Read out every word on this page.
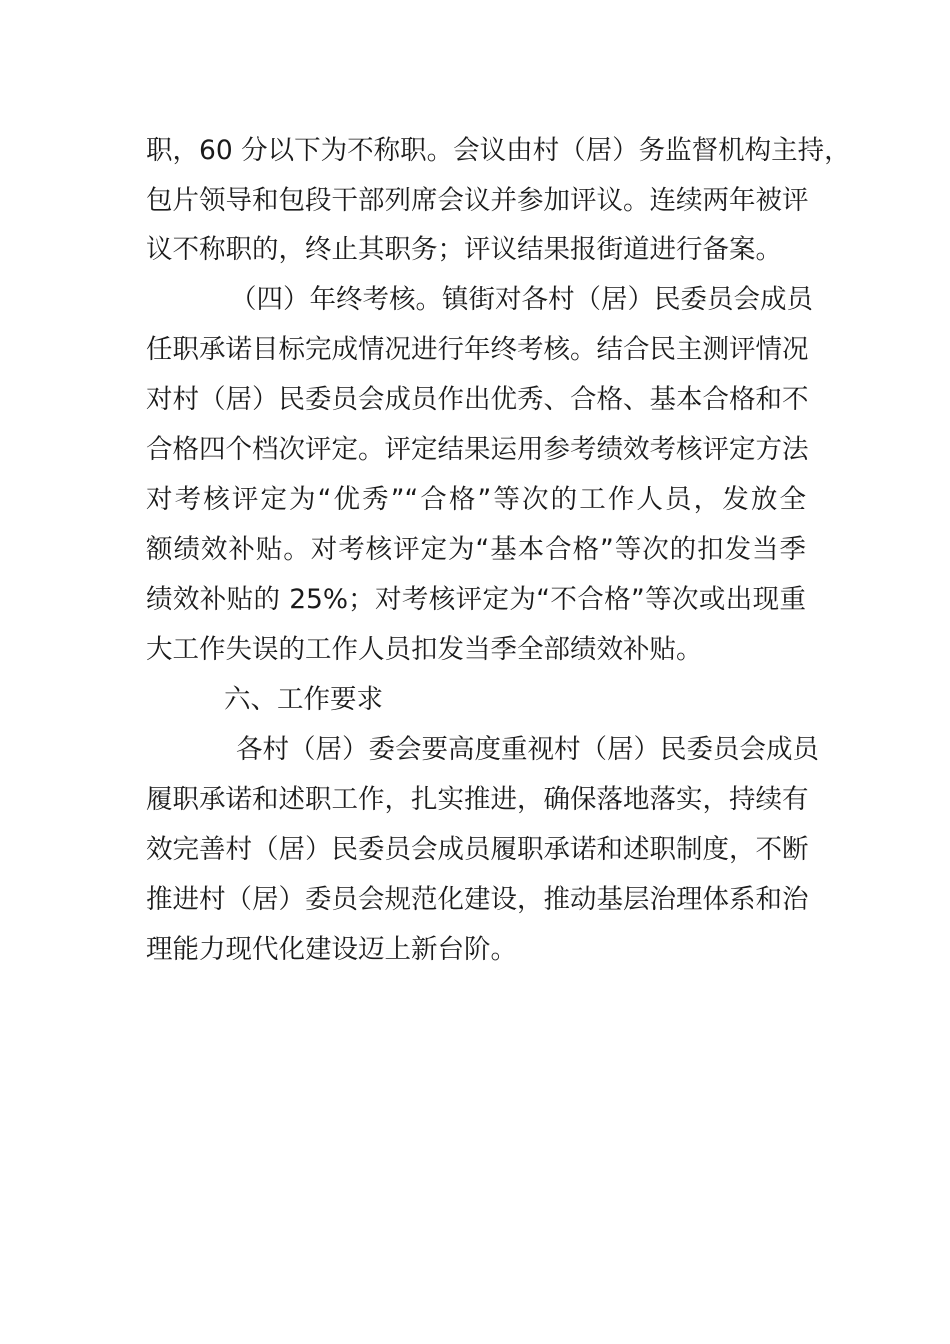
职，60 分以下为不称职。会议由村（居）务监督机构主持，
包片领导和包段干部列席会议并参加评议。连续两年被评
议不称职的，终止其职务；评议结果报街道进行备案。
（四）年终考核。镇街对各村（居）民委员会成员
任职承诺目标完成情况进行年终考核。结合民主测评情况
对村（居）民委员会成员作出优秀、合格、基本合格和不
合格四个档次评定。评定结果运用参考绩效考核评定方法
对考核评定为“优秀”“合格”等次的工作人员，发放全
额绩效补贴。对考核评定为“基本合格”等次的扣发当季
绩效补贴的 25%；对考核评定为“不合格”等次或出现重
大工作失误的工作人员扣发当季全部绩效补贴。
六、工作要求
各村（居）委会要高度重视村（居）民委员会成员
履职承诺和述职工作，扎实推进，确保落地落实，持续有
效完善村（居）民委员会成员履职承诺和述职制度，不断
推进村（居）委员会规范化建设，推动基层治理体系和治
理能力现代化建设迈上新台阶。
